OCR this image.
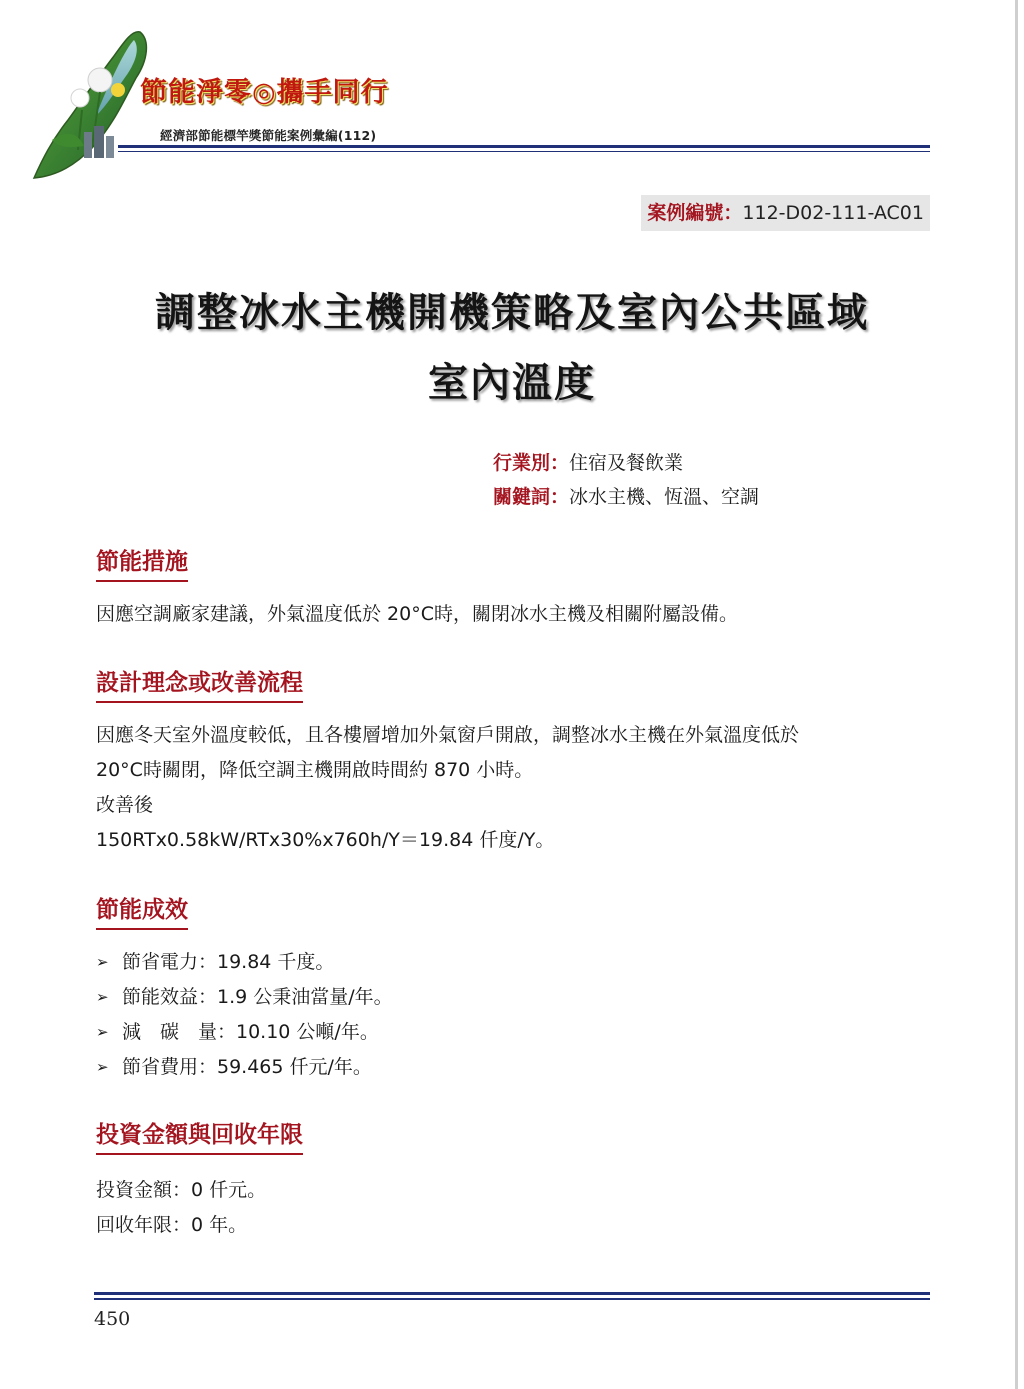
節能淨零◎攜手同行
經濟部節能標竿獎節能案例彙編(112)
案例編號：112-D02-111-AC01
調整冰水主機開機策略及室內公共區域
室內溫度
行業別：住宿及餐飲業
關鍵詞：冰水主機、恆溫、空調
節能措施

因應空調廠家建議，外氣溫度低於 20°C時，關閉冰水主機及相關附屬設備。

設計理念或改善流程

因應冬天室外溫度較低，且各樓層增加外氣窗戶開啟，調整冰水主機在外氣溫度低於

20°C時關閉，降低空調主機開啟時間約 870 小時。

改善後

150RTx0.58kW/RTx30%x760h/Y＝19.84 仟度/Y。

節能成效
➢ 節省電力：19.84 千度。
➢ 節能效益：1.9 公秉油當量/年。
➢ 減　碳　量：10.10 公噸/年。
➢ 節省費用：59.465 仟元/年。
投資金額與回收年限

投資金額：0 仟元。

回收年限：0 年。

450
